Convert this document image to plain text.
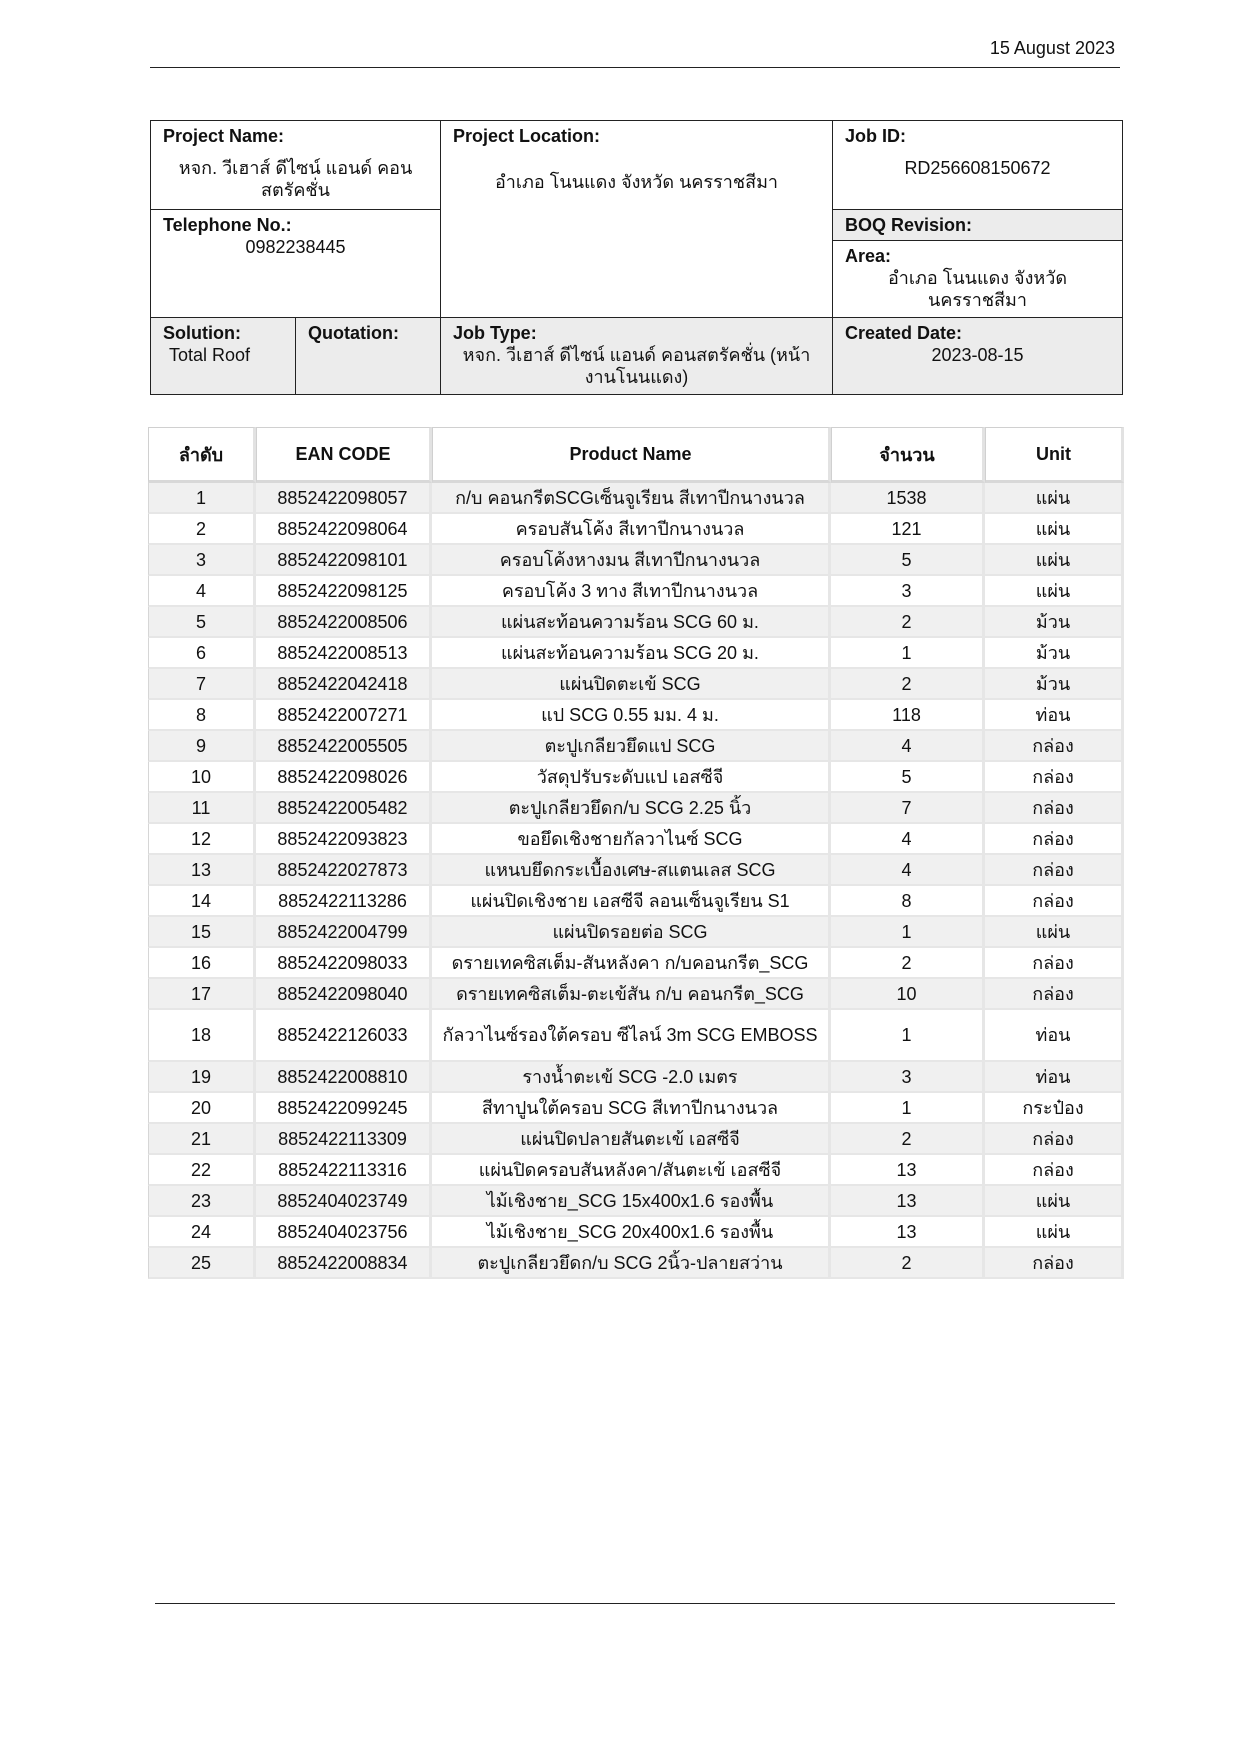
15 August 2023
Project Name:
หจก. วีเฮาส์ ดีไซน์ แอนด์ คอน สตรัคชั่น		Project Location:
อำเภอ โนนแดง จังหวัด นครราชสีมา	Job ID:
RD256608150672

Telephone No.:
0982238445			BOQ Revision:

			Area:
อำเภอ โนนแดง จังหวัด นครราชสีมา

Solution:
Total Roof	Quotation:	Job Type:
หจก. วีเฮาส์ ดีไซน์ แอนด์ คอนสตรัคชั่น (หน้างานโนนแดง)	Created Date:
2023-08-15
ลำดับ	EAN CODE	Product Name	จำนวน	Unit
1	8852422098057	ก/บ คอนกรีตSCGเซ็นจูเรียน สีเทาปีกนางนวล	1538	แผ่น
2	8852422098064	ครอบสันโค้ง สีเทาปีกนางนวล	121	แผ่น
3	8852422098101	ครอบโค้งหางมน สีเทาปีกนางนวล	5	แผ่น
4	8852422098125	ครอบโค้ง 3 ทาง สีเทาปีกนางนวล	3	แผ่น
5	8852422008506	แผ่นสะท้อนความร้อน SCG 60 ม.	2	ม้วน
6	8852422008513	แผ่นสะท้อนความร้อน SCG 20 ม.	1	ม้วน
7	8852422042418	แผ่นปิดตะเข้ SCG	2	ม้วน
8	8852422007271	แป SCG 0.55 มม. 4 ม.	118	ท่อน
9	8852422005505	ตะปูเกลียวยึดแป SCG	4	กล่อง
10	8852422098026	วัสดุปรับระดับแป เอสซีจี	5	กล่อง
11	8852422005482	ตะปูเกลียวยึดก/บ SCG 2.25 นิ้ว	7	กล่อง
12	8852422093823	ขอยึดเชิงชายกัลวาไนซ์ SCG	4	กล่อง
13	8852422027873	แหนบยึดกระเบื้องเศษ-สแตนเลส SCG	4	กล่อง
14	8852422113286	แผ่นปิดเชิงชาย เอสซีจี ลอนเซ็นจูเรียน S1	8	กล่อง
15	8852422004799	แผ่นปิดรอยต่อ SCG	1	แผ่น
16	8852422098033	ดรายเทคซิสเต็ม-สันหลังคา ก/บคอนกรีต_SCG	2	กล่อง
17	8852422098040	ดรายเทคซิสเต็ม-ตะเข้สัน ก/บ คอนกรีต_SCG	10	กล่อง
18	8852422126033	กัลวาไนซ์รองใต้ครอบ ซีไลน์ 3m SCG EMBOSS	1	ท่อน
19	8852422008810	รางน้ำตะเข้ SCG -2.0 เมตร	3	ท่อน
20	8852422099245	สีทาปูนใต้ครอบ SCG สีเทาปีกนางนวล	1	กระป๋อง
21	8852422113309	แผ่นปิดปลายสันตะเข้ เอสซีจี	2	กล่อง
22	8852422113316	แผ่นปิดครอบสันหลังคา/สันตะเข้ เอสซีจี	13	กล่อง
23	8852404023749	ไม้เชิงชาย_SCG 15x400x1.6 รองพื้น	13	แผ่น
24	8852404023756	ไม้เชิงชาย_SCG 20x400x1.6 รองพื้น	13	แผ่น
25	8852422008834	ตะปูเกลียวยึดก/บ SCG 2นิ้ว-ปลายสว่าน	2	กล่อง
